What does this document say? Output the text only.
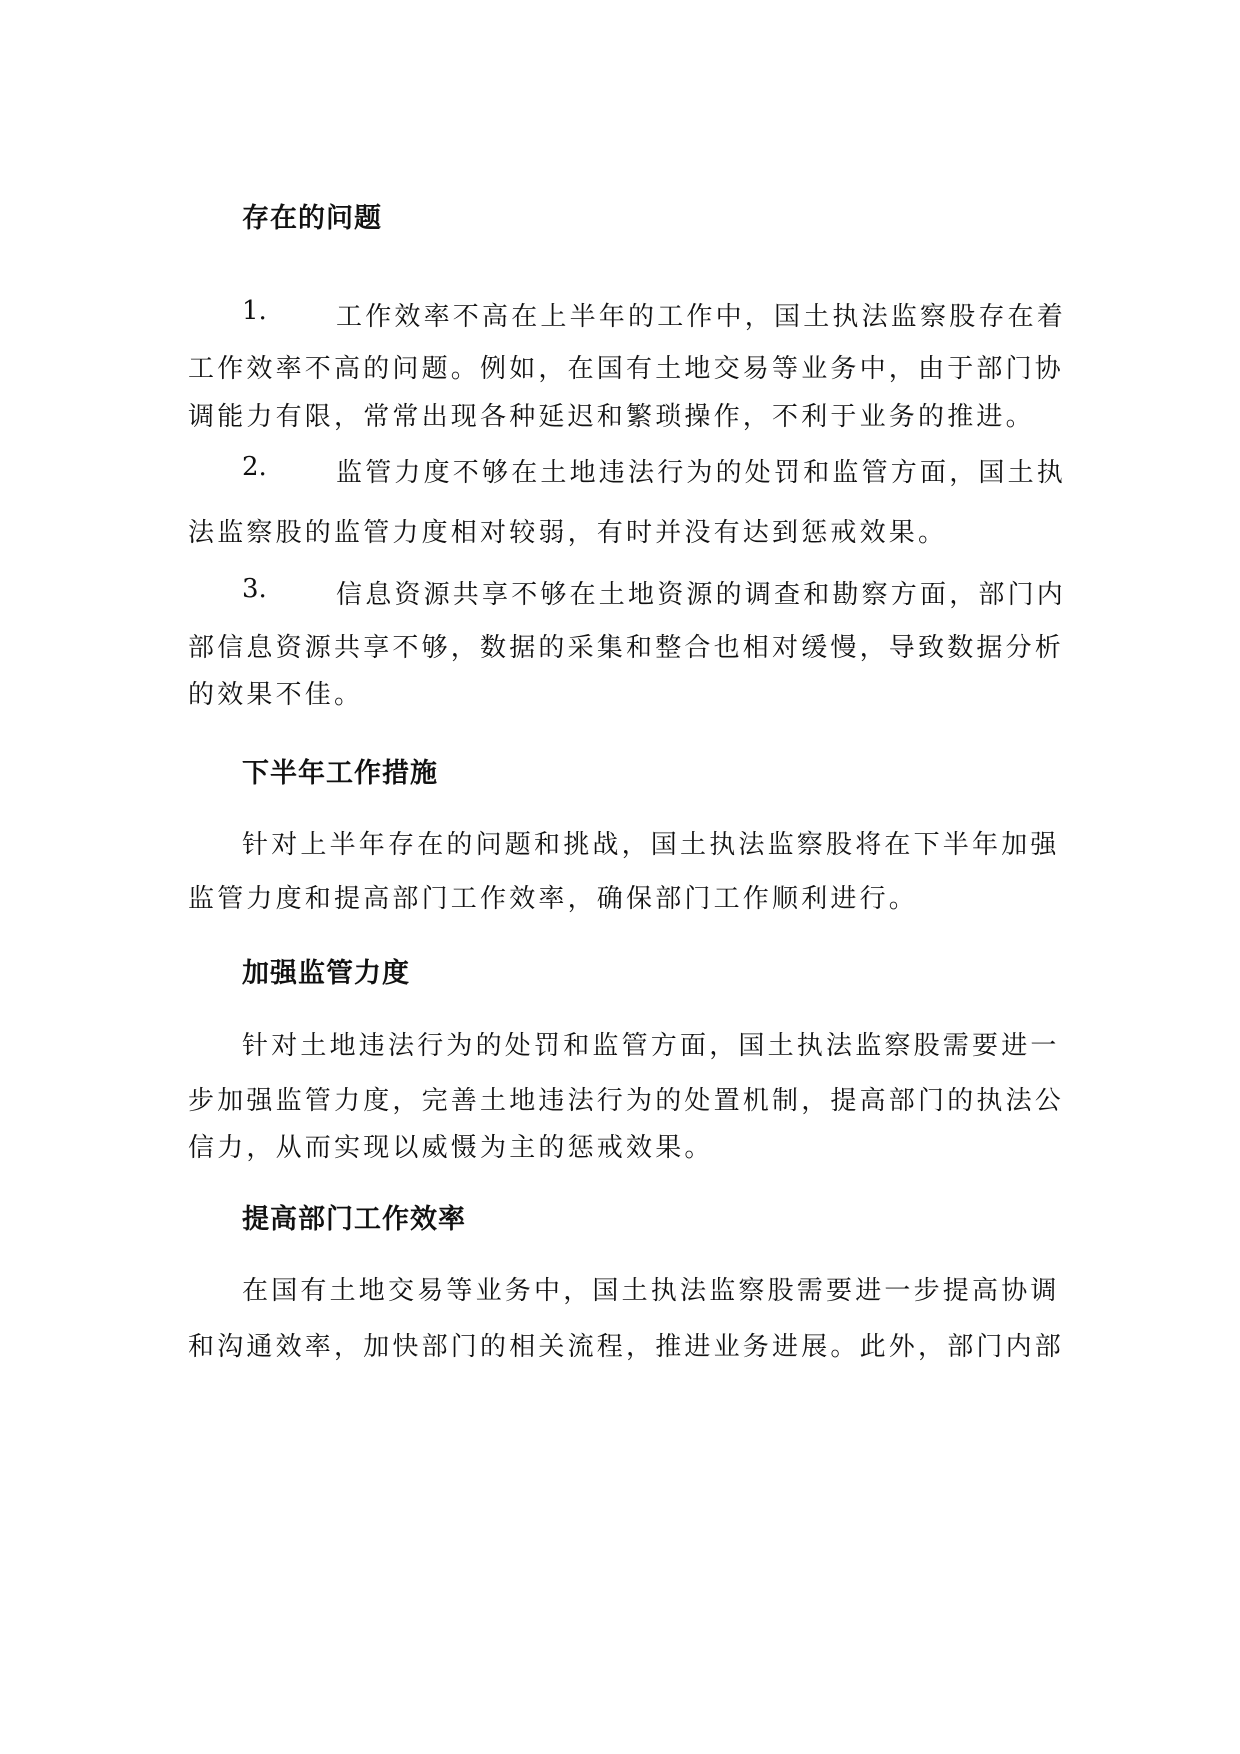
存在的问题
1.	工作效率不高在上半年的工作中，国土执法监察股存在着
工作效率不高的问题。例如，在国有土地交易等业务中，由于部门协
调能力有限，常常出现各种延迟和繁琐操作，不利于业务的推进。
2.	监管力度不够在土地违法行为的处罚和监管方面，国土执
法监察股的监管力度相对较弱，有时并没有达到惩戒效果。
3.	信息资源共享不够在土地资源的调查和勘察方面，部门内
部信息资源共享不够，数据的采集和整合也相对缓慢，导致数据分析
的效果不佳。
下半年工作措施
针对上半年存在的问题和挑战，国土执法监察股将在下半年加强
监管力度和提高部门工作效率，确保部门工作顺利进行。
加强监管力度
针对土地违法行为的处罚和监管方面，国土执法监察股需要进一
步加强监管力度，完善土地违法行为的处置机制，提高部门的执法公
信力，从而实现以威慑为主的惩戒效果。
提高部门工作效率
在国有土地交易等业务中，国土执法监察股需要进一步提高协调
和沟通效率，加快部门的相关流程，推进业务进展。此外，部门内部
